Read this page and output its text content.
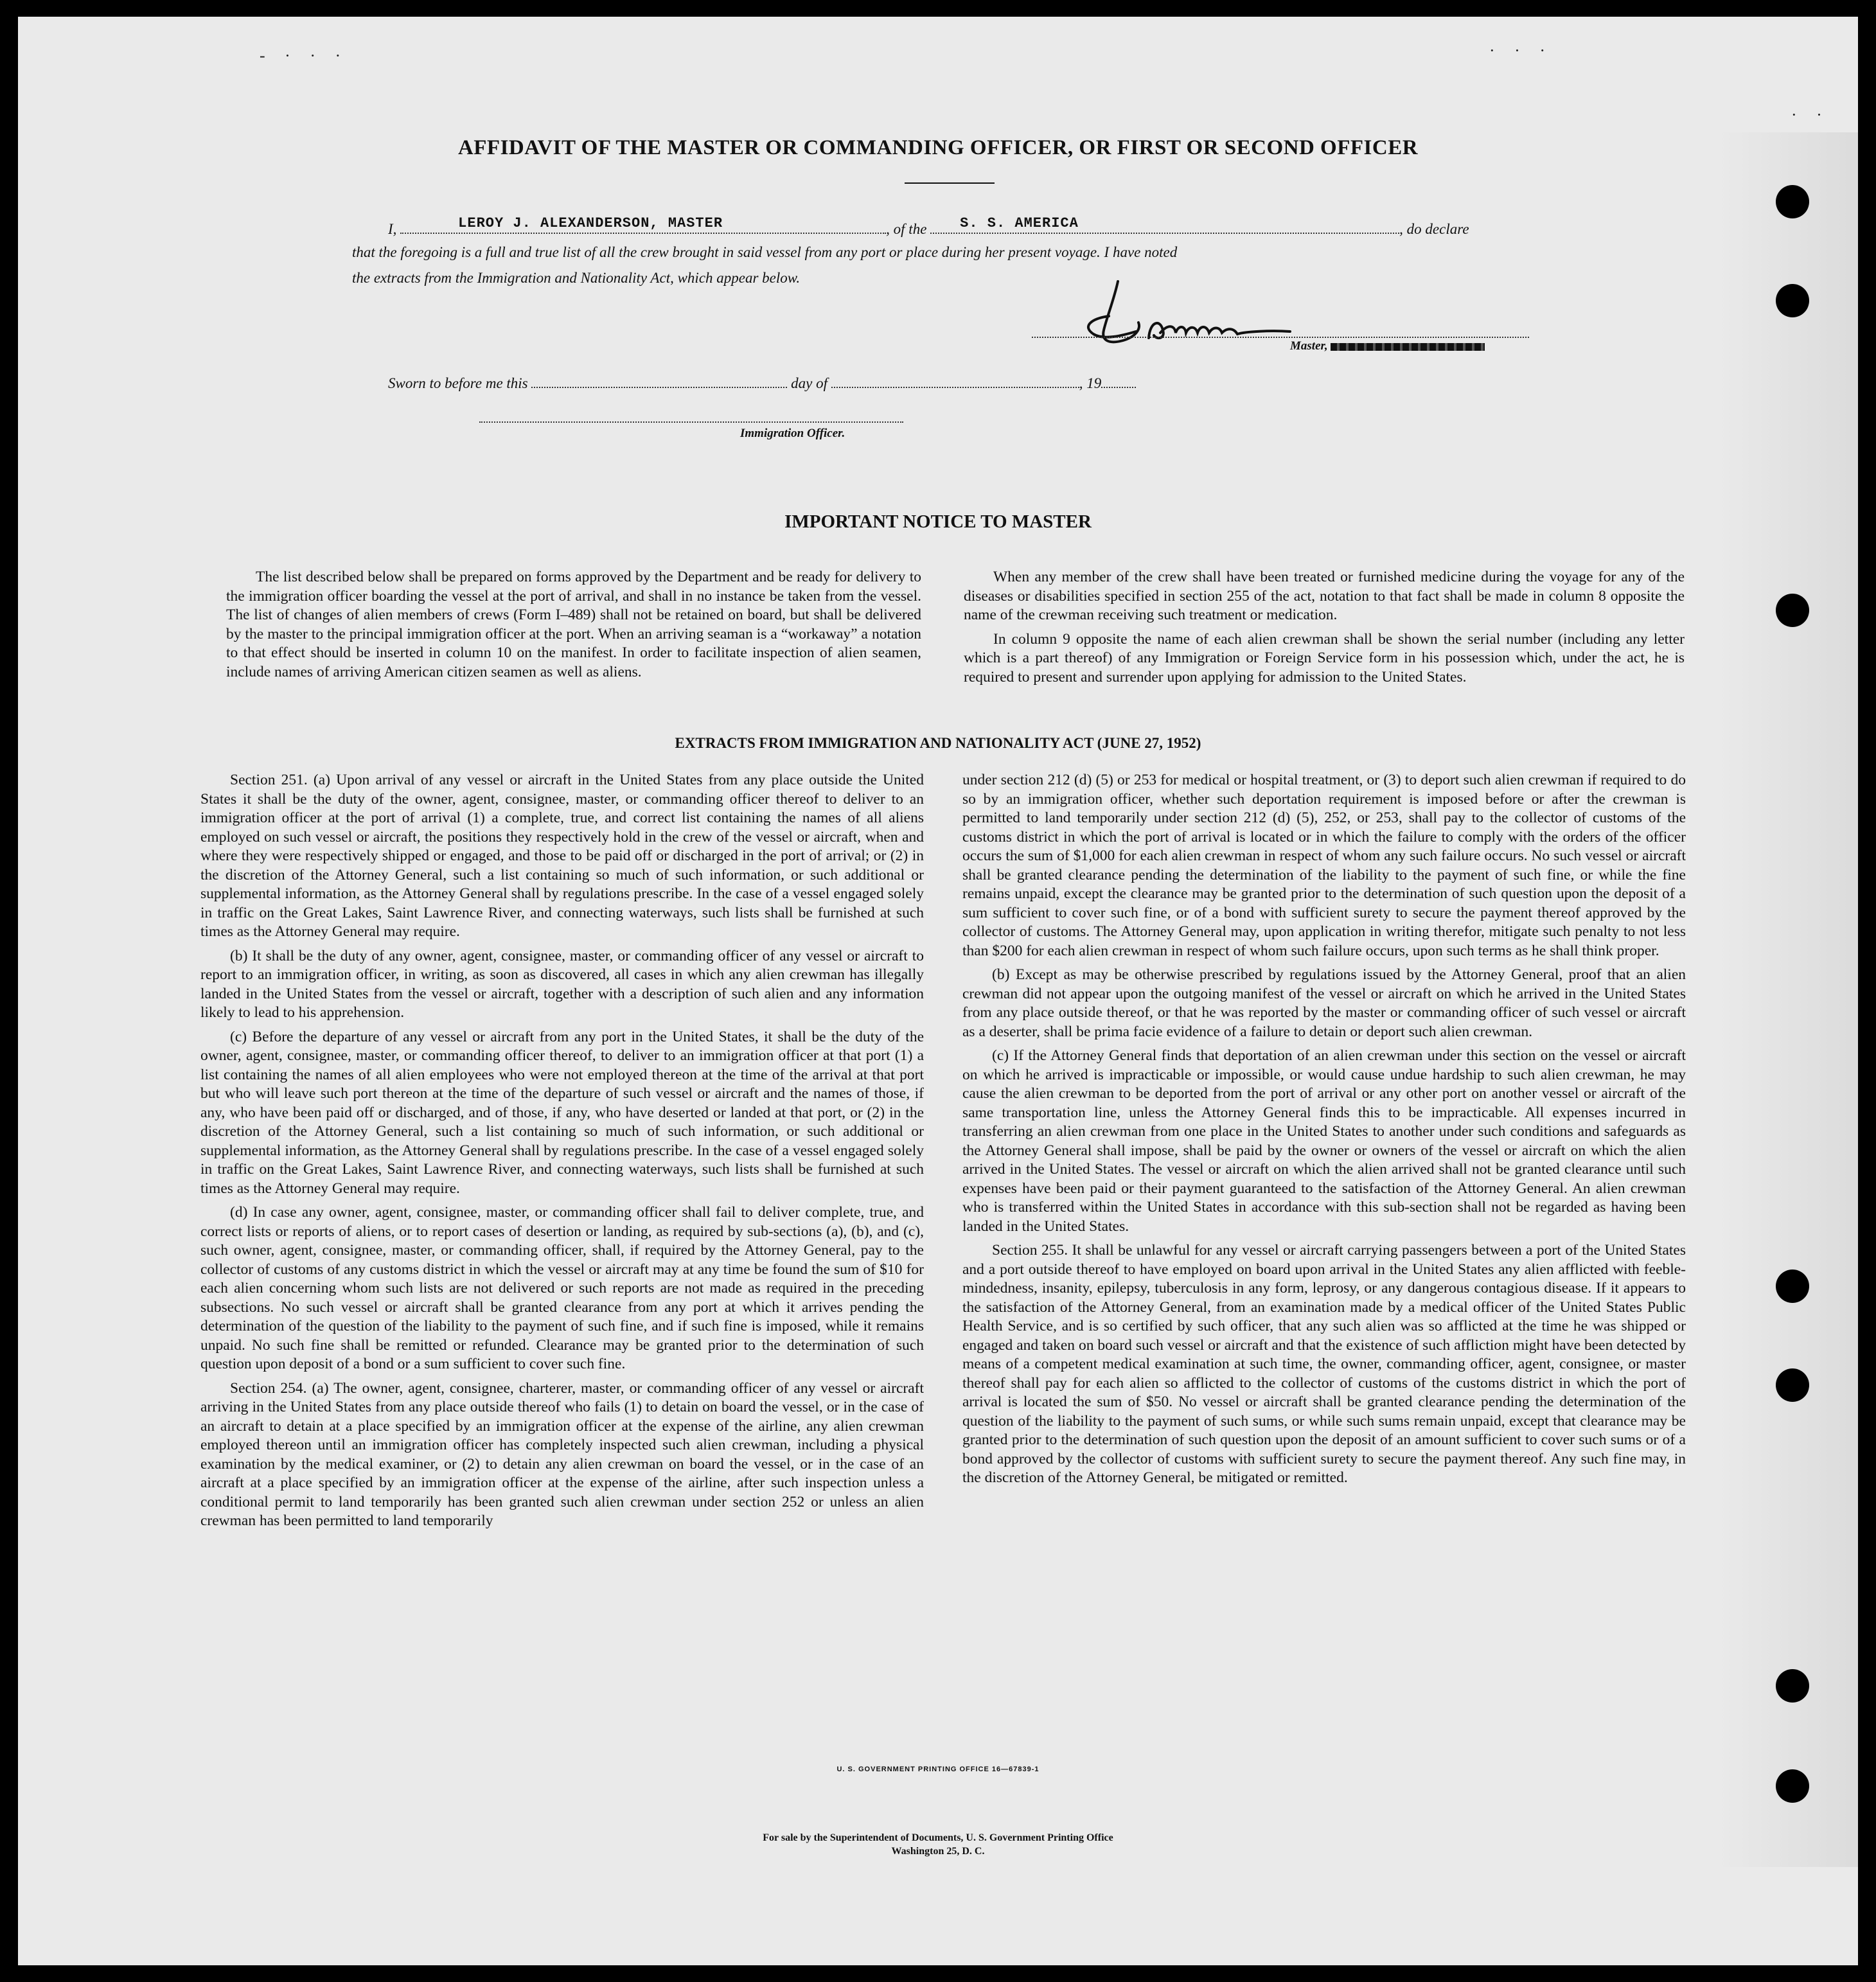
- · · ·	· · ·
· ·
AFFIDAVIT OF THE MASTER OR COMMANDING OFFICER, OR FIRST OR SECOND OFFICER
I,	LEROY J. ALEXANDERSON, MASTER	, of the S. S. AMERICA	, do declare
that the foregoing is a full and true list of all the crew brought in said vessel from any port or place during her present voyage. I have noted
the extracts from the Immigration and Nationality Act, which appear below.
Master,
Sworn to before me this	day of	, 19
Immigration Officer.
IMPORTANT NOTICE TO MASTER

The list described below shall be prepared on forms approved by the Department and be ready for delivery to the immigration officer boarding the vessel at the port of arrival, and shall in no instance be taken from the vessel. The list of changes of alien members of crews (Form I–489) shall not be retained on board, but shall be delivered by the master to the principal immigration officer at the port. When an arriving seaman is a “workaway” a notation to that effect should be inserted in column 10 on the manifest. In order to facilitate inspection of alien seamen, include names of arriving American citizen seamen as well as aliens.

When any member of the crew shall have been treated or furnished medicine during the voyage for any of the diseases or disabilities specified in section 255 of the act, notation to that fact shall be made in column 8 opposite the name of the crewman receiving such treatment or medication.

In column 9 opposite the name of each alien crewman shall be shown the serial number (including any letter which is a part thereof) of any Immigration or Foreign Service form in his possession which, under the act, he is required to present and surrender upon applying for admission to the United States.

EXTRACTS FROM IMMIGRATION AND NATIONALITY ACT (JUNE 27, 1952)

Section 251. (a) Upon arrival of any vessel or aircraft in the United States from any place outside the United States it shall be the duty of the owner, agent, consignee, master, or commanding officer thereof to deliver to an immigration officer at the port of arrival (1) a complete, true, and correct list containing the names of all aliens employed on such vessel or aircraft, the positions they respectively hold in the crew of the vessel or aircraft, when and where they were respectively shipped or engaged, and those to be paid off or discharged in the port of arrival; or (2) in the discretion of the Attorney General, such a list containing so much of such information, or such additional or supplemental information, as the Attorney General shall by regulations prescribe. In the case of a vessel engaged solely in traffic on the Great Lakes, Saint Lawrence River, and connecting waterways, such lists shall be furnished at such times as the Attorney General may require.

(b) It shall be the duty of any owner, agent, consignee, master, or commanding officer of any vessel or aircraft to report to an immigration officer, in writing, as soon as discovered, all cases in which any alien crewman has illegally landed in the United States from the vessel or aircraft, together with a description of such alien and any information likely to lead to his apprehension.

(c) Before the departure of any vessel or aircraft from any port in the United States, it shall be the duty of the owner, agent, consignee, master, or commanding officer thereof, to deliver to an immigration officer at that port (1) a list containing the names of all alien employees who were not employed thereon at the time of the arrival at that port but who will leave such port thereon at the time of the departure of such vessel or aircraft and the names of those, if any, who have been paid off or discharged, and of those, if any, who have deserted or landed at that port, or (2) in the discretion of the Attorney General, such a list containing so much of such information, or such additional or supplemental information, as the Attorney General shall by regulations prescribe. In the case of a vessel engaged solely in traffic on the Great Lakes, Saint Lawrence River, and connecting waterways, such lists shall be furnished at such times as the Attorney General may require.

(d) In case any owner, agent, consignee, master, or commanding officer shall fail to deliver complete, true, and correct lists or reports of aliens, or to report cases of desertion or landing, as required by sub-sections (a), (b), and (c), such owner, agent, consignee, master, or commanding officer, shall, if required by the Attorney General, pay to the collector of customs of any customs district in which the vessel or aircraft may at any time be found the sum of $10 for each alien concerning whom such lists are not delivered or such reports are not made as required in the preceding subsections. No such vessel or aircraft shall be granted clearance from any port at which it arrives pending the determination of the question of the liability to the payment of such fine, and if such fine is imposed, while it remains unpaid. No such fine shall be remitted or refunded. Clearance may be granted prior to the determination of such question upon deposit of a bond or a sum sufficient to cover such fine.

Section 254. (a) The owner, agent, consignee, charterer, master, or commanding officer of any vessel or aircraft arriving in the United States from any place outside thereof who fails (1) to detain on board the vessel, or in the case of an aircraft to detain at a place specified by an immigration officer at the expense of the airline, any alien crewman employed thereon until an immigration officer has completely inspected such alien crewman, including a physical examination by the medical examiner, or (2) to detain any alien crewman on board the vessel, or in the case of an aircraft at a place specified by an immigration officer at the expense of the airline, after such inspection unless a conditional permit to land temporarily has been granted such alien crewman under section 252 or unless an alien crewman has been permitted to land temporarily

under section 212 (d) (5) or 253 for medical or hospital treatment, or (3) to deport such alien crewman if required to do so by an immigration officer, whether such deportation requirement is imposed before or after the crewman is permitted to land temporarily under section 212 (d) (5), 252, or 253, shall pay to the collector of customs of the customs district in which the port of arrival is located or in which the failure to comply with the orders of the officer occurs the sum of $1,000 for each alien crewman in respect of whom any such failure occurs. No such vessel or aircraft shall be granted clearance pending the determination of the liability to the payment of such fine, or while the fine remains unpaid, except the clearance may be granted prior to the determination of such question upon the deposit of a sum sufficient to cover such fine, or of a bond with sufficient surety to secure the payment thereof approved by the collector of customs. The Attorney General may, upon application in writing therefor, mitigate such penalty to not less than $200 for each alien crewman in respect of whom such failure occurs, upon such terms as he shall think proper.

(b) Except as may be otherwise prescribed by regulations issued by the Attorney General, proof that an alien crewman did not appear upon the outgoing manifest of the vessel or aircraft on which he arrived in the United States from any place outside thereof, or that he was reported by the master or commanding officer of such vessel or aircraft as a deserter, shall be prima facie evidence of a failure to detain or deport such alien crewman.

(c) If the Attorney General finds that deportation of an alien crewman under this section on the vessel or aircraft on which he arrived is impracticable or impossible, or would cause undue hardship to such alien crewman, he may cause the alien crewman to be deported from the port of arrival or any other port on another vessel or aircraft of the same transportation line, unless the Attorney General finds this to be impracticable. All expenses incurred in transferring an alien crewman from one place in the United States to another under such conditions and safeguards as the Attorney General shall impose, shall be paid by the owner or owners of the vessel or aircraft on which the alien arrived in the United States. The vessel or aircraft on which the alien arrived shall not be granted clearance until such expenses have been paid or their payment guaranteed to the satisfaction of the Attorney General. An alien crewman who is transferred within the United States in accordance with this sub-section shall not be regarded as having been landed in the United States.

Section 255. It shall be unlawful for any vessel or aircraft carrying passengers between a port of the United States and a port outside thereof to have employed on board upon arrival in the United States any alien afflicted with feeble-mindedness, insanity, epilepsy, tuberculosis in any form, leprosy, or any dangerous contagious disease. If it appears to the satisfaction of the Attorney General, from an examination made by a medical officer of the United States Public Health Service, and is so certified by such officer, that any such alien was so afflicted at the time he was shipped or engaged and taken on board such vessel or aircraft and that the existence of such affliction might have been detected by means of a competent medical examination at such time, the owner, commanding officer, agent, consignee, or master thereof shall pay for each alien so afflicted to the collector of customs of the customs district in which the port of arrival is located the sum of $50. No vessel or aircraft shall be granted clearance pending the determination of the question of the liability to the payment of such sums, or while such sums remain unpaid, except that clearance may be granted prior to the determination of such question upon the deposit of an amount sufficient to cover such sums or of a bond approved by the collector of customs with sufficient surety to secure the payment thereof. Any such fine may, in the discretion of the Attorney General, be mitigated or remitted.

U. S. GOVERNMENT PRINTING OFFICE 16—67839-1
For sale by the Superintendent of Documents, U. S. Government Printing Office
Washington 25, D. C.
